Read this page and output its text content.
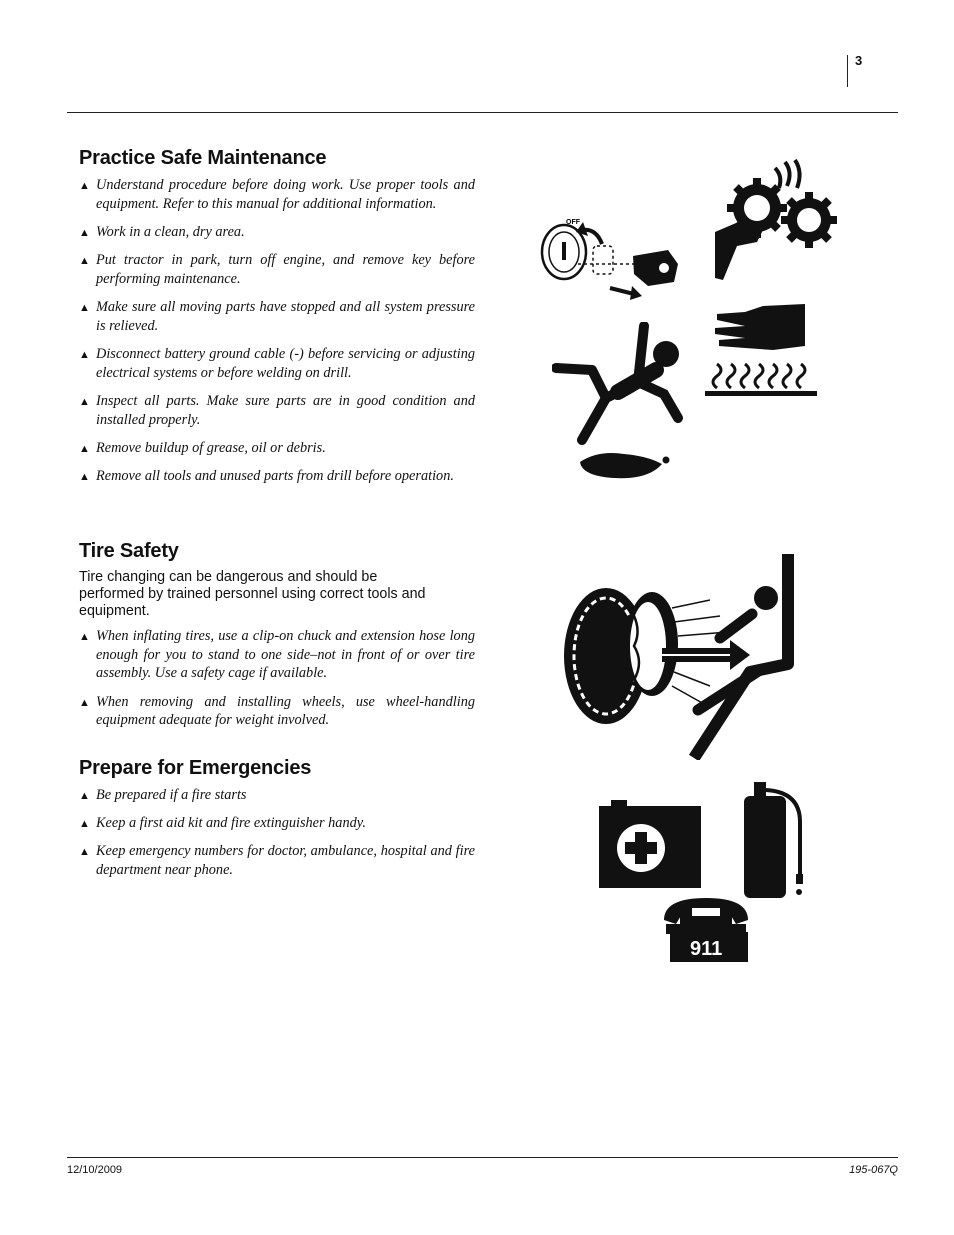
3
Practice Safe Maintenance
▲ Understand procedure before doing work. Use proper tools and equipment. Refer to this manual for additional information.
▲ Work in a clean, dry area.
▲ Put tractor in park, turn off engine, and remove key before performing maintenance.
▲ Make sure all moving parts have stopped and all system pressure is relieved.
▲ Disconnect battery ground cable (-) before servicing or adjusting electrical systems or before welding on drill.
▲ Inspect all parts. Make sure parts are in good condition and installed properly.
▲ Remove buildup of grease, oil or debris.
▲ Remove all tools and unused parts from drill before operation.
Tire Safety

Tire changing can be dangerous and should be performed by trained personnel using correct tools and equipment.

▲ When inflating tires, use a clip-on chuck and extension hose long enough for you to stand to one side–not in front of or over tire assembly. Use a safety cage if available.
▲ When removing and installing wheels, use wheel-handling equipment adequate for weight involved.
Prepare for Emergencies
▲ Be prepared if a fire starts
▲ Keep a first aid kit and fire extinguisher handy.
▲ Keep emergency numbers for doctor, ambulance, hospital and fire department near phone.
OFF
911
12/10/2009	195-067Q
